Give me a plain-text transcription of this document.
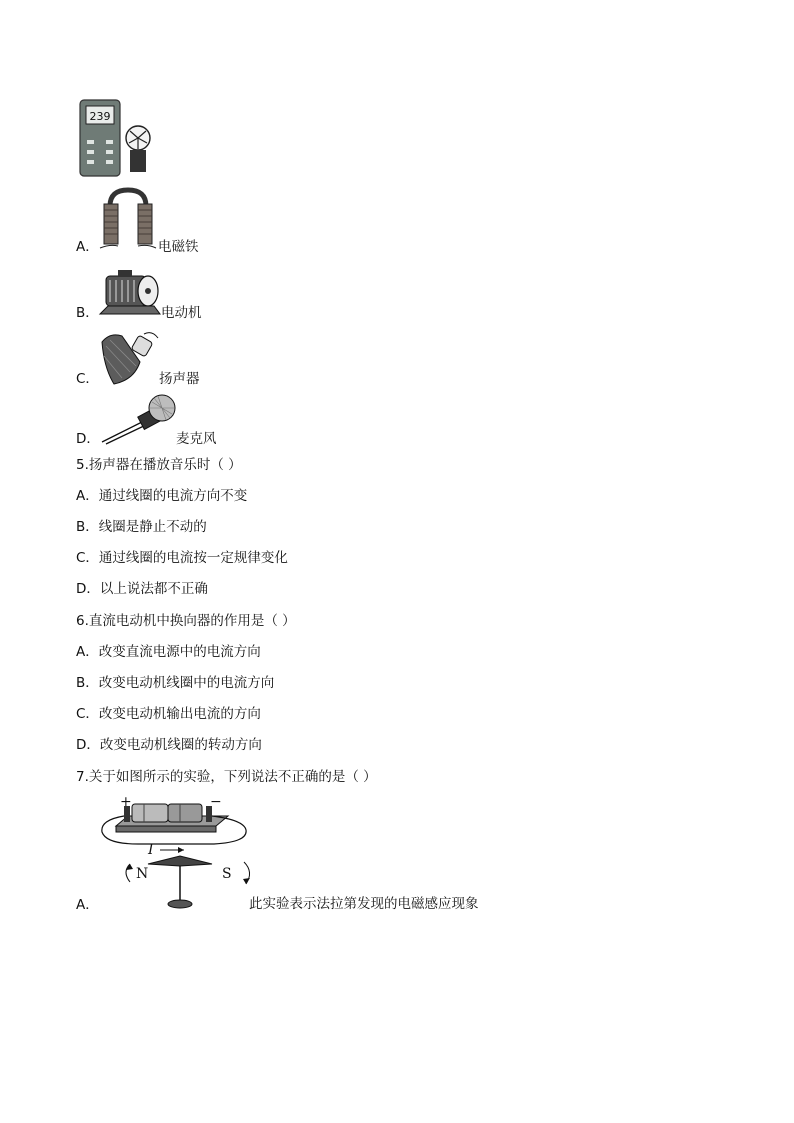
239
A．	电磁铁
B．	电动机
C．	扬声器
D．	麦克风
5.扬声器在播放音乐时（ ）
A．通过线圈的电流方向不变
B．线圈是静止不动的
C．通过线圈的电流按一定规律变化
D．以上说法都不正确
6.直流电动机中换向器的作用是（ ）
A．改变直流电源中的电流方向
B．改变电动机线圈中的电流方向
C．改变电动机输出电流的方向
D．改变电动机线圈的转动方向
7.关于如图所示的实验，下列说法不正确的是（ ）
+	−
I
N	S
A．	此实验表示法拉第发现的电磁感应现象
